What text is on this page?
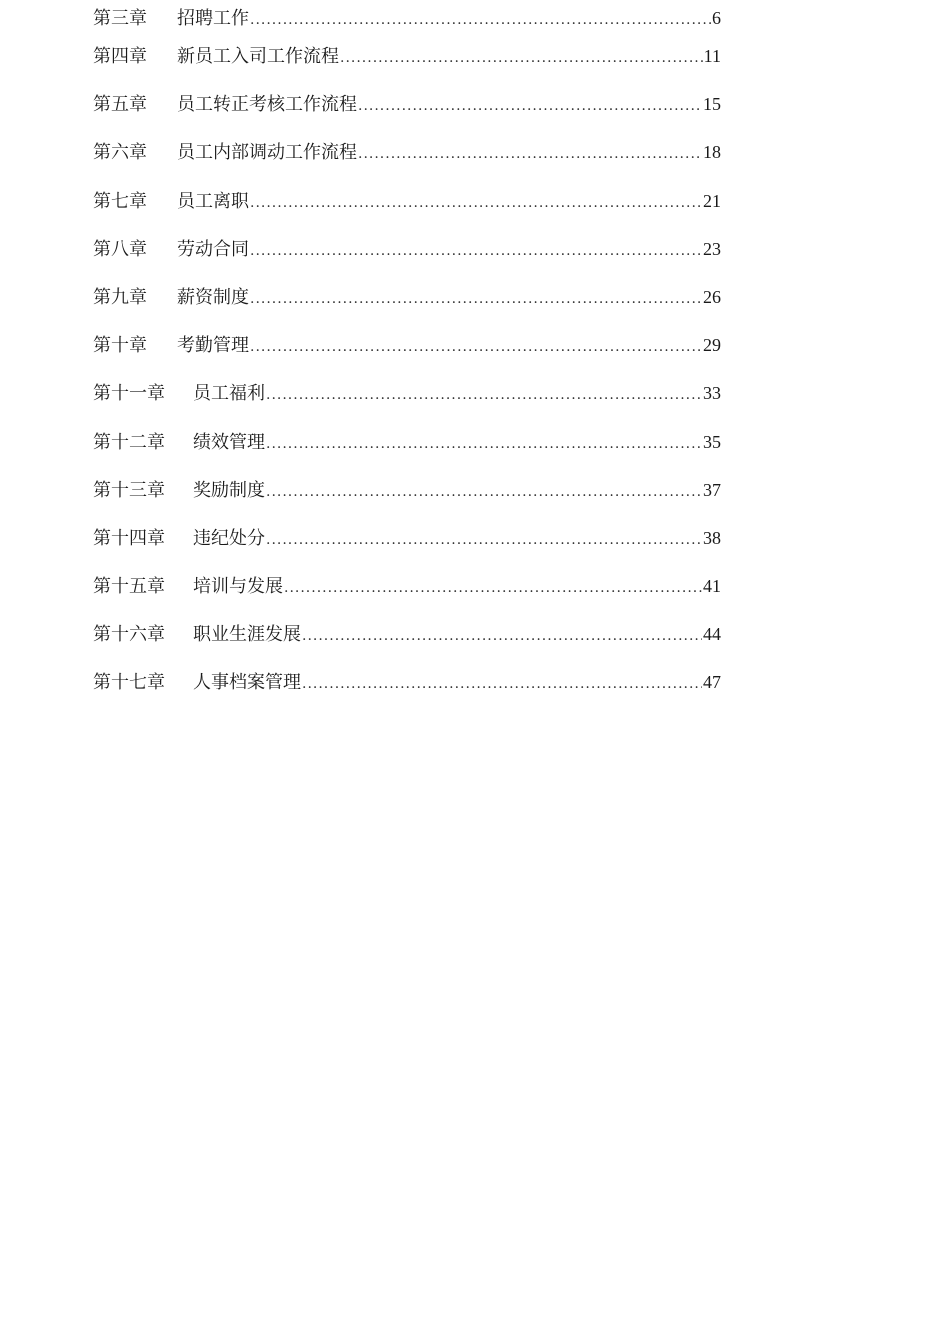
第三章	招聘工作 .....	6
第四章	新员工入司工作流程 .....	11
第五章	员工转正考核工作流程 .....	15
第六章	员工内部调动工作流程 .....	18
第七章	员工离职 .....	21
第八章	劳动合同 .....	23
第九章	薪资制度 .....	26
第十章	考勤管理 .....	29
第十一章	员工福利 .....	33
第十二章	绩效管理 .....	35
第十三章	奖励制度 .....	37
第十四章	违纪处分 .....	38
第十五章	培训与发展 .....	41
第十六章	职业生涯发展 .....	44
第十七章	人事档案管理 .....	47
